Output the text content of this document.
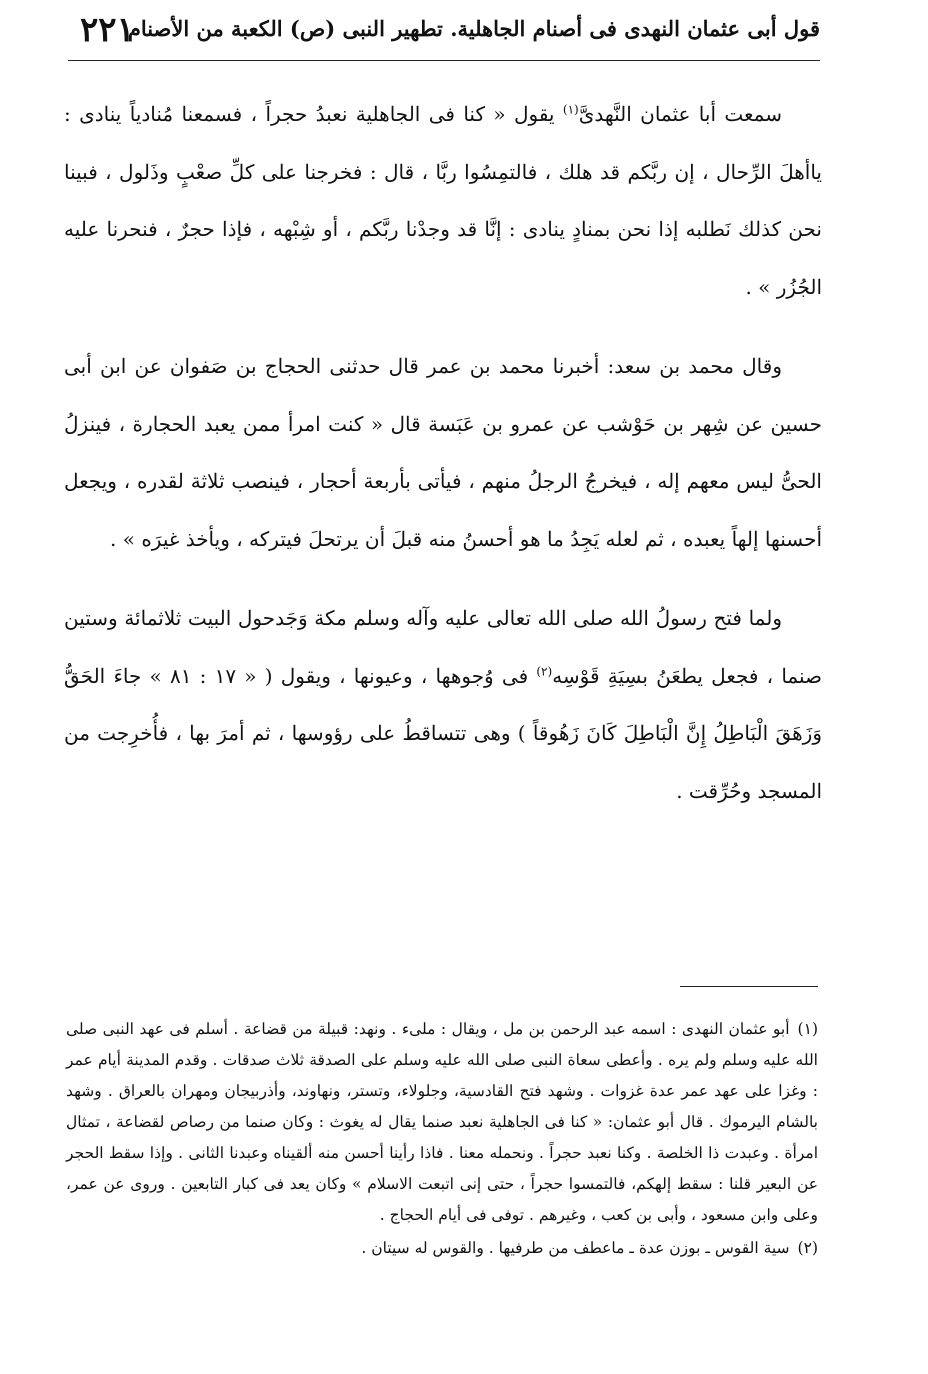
قول أبى عثمان النهدى فى أصنام الجاهلية. تطهير النبى (ص) الكعبة من الأصنام
٢٢١

سمعت أبا عثمان النَّهدىَّ$^{(١)}$ يقول « كنا فى الجاهلية نعبدُ حجراً ، فسمعنا مُنادياً ينادى : ياأهلَ الرِّحال ، إن ربَّكم قد هلك ، فالتمِسُوا ربَّا ، قال : فخرجنا على كلِّ صعْبٍ وذَلول ، فبينا نحن كذلك نَطلبه إذا نحن بمنادٍ ينادى : إنَّا قد وجدْنا ربَّكم ، أو شِبْهه ، فإذا حجرٌ ، فنحرنا عليه الجُزُر » .

وقال محمد بن سعد: أخبرنا محمد بن عمر قال حدثنى الحجاج بن صَفوان عن ابن أبى حسين عن شِهر بن حَوْشب عن عمرو بن عَبَسة قال « كنت امرأ ممن يعبد الحجارة ، فينزلُ الحىُّ ليس معهم إله ، فيخرجُ الرجلُ منهم ، فيأتى بأربعة أحجار ، فينصب ثلاثة لقدره ، ويجعل أحسنها إلهاً يعبده ، ثم لعله يَجِدُ ما هو أحسنُ منه قبلَ أن يرتحلَ فيتركه ، ويأخذ غيرَه » .

ولما فتح رسولُ الله صلى الله تعالى عليه وآله وسلم مكة وَجَدحول البيت ثلاثمائة وستين صنما ، فجعل يطعَنُ بسِيَةِ قَوْسِه$^{(٢)}$ فى وُجوهها ، وعيونها ، ويقول ( « ١٧ : ٨١ » جاءَ الحَقُّ وَزَهَقَ الْبَاطِلُ إِنَّ الْبَاطِلَ كَانَ زَهُوقاً ) وهى تتساقطُ على رؤوسها ، ثم أمرَ بها ، فأُخرِجت من المسجد وحُرِّقت .

(١)أبو عثمان النهدى : اسمه عبد الرحمن بن مل ، ويقال : ملىء . ونهد: قبيلة من قضاعة . أسلم فى عهد النبى صلى الله عليه وسلم ولم يره . وأعطى سعاة النبى صلى الله عليه وسلم على الصدقة ثلاث صدقات . وقدم المدينة أيام عمر : وغزا على عهد عمر عدة غزوات . وشهد فتح القادسية، وجلولاء، وتستر، ونهاوند، وأذربيجان ومهران بالعراق . وشهد بالشام اليرموك . قال أبو عثمان: « كنا فى الجاهلية نعبد صنما يقال له يغوث : وكان صنما من رصاص لقضاعة ، تمثال امرأة . وعبدت ذا الخلصة . وكنا نعبد حجراً . ونحمله معنا . فاذا رأينا أحسن منه ألقيناه وعبدنا الثانى . وإذا سقط الحجر عن البعير قلنا : سقط إلهكم، فالتمسوا حجراً ، حتى إنى اتبعت الاسلام » وكان يعد فى كبار التابعين . وروى عن عمر، وعلى وابن مسعود ، وأبى بن كعب ، وغيرهم . توفى فى أيام الحجاج .

(٢)سية القوس ـ بوزن عدة ـ ماعطف من طرفيها . والقوس له سيتان .
